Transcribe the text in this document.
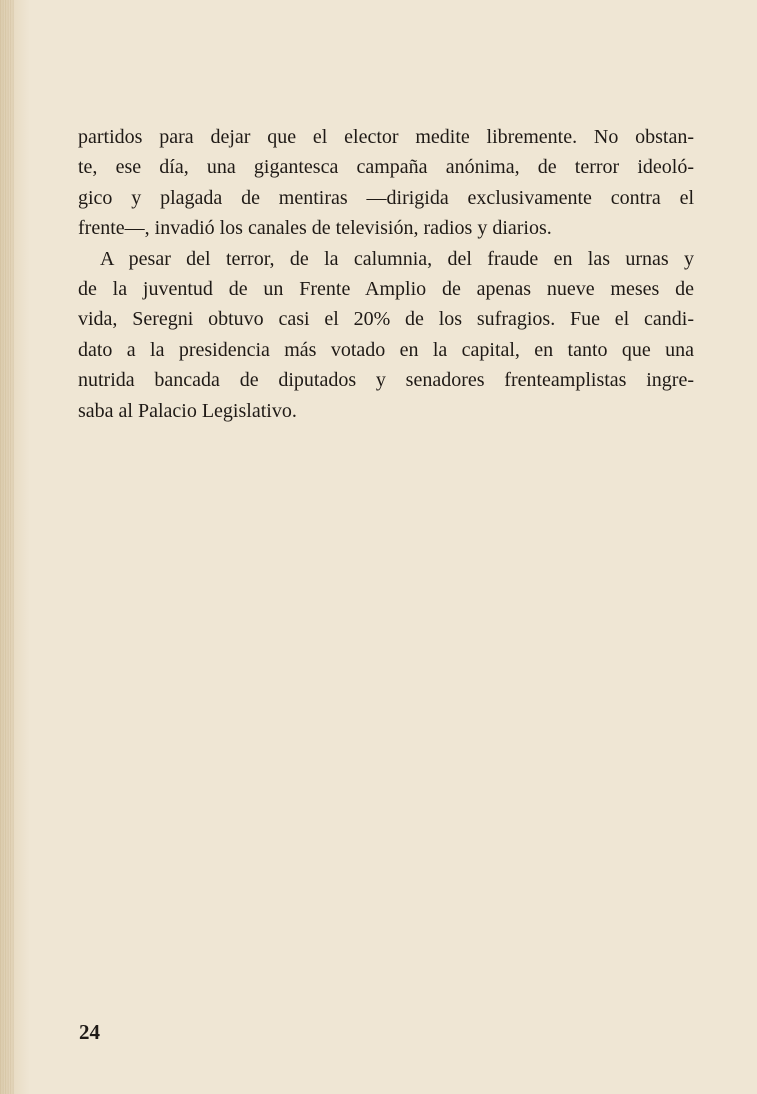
partidos para dejar que el elector medite libremente. No obstan-
te, ese día, una gigantesca campaña anónima, de terror ideoló-
gico y plagada de mentiras —dirigida exclusivamente contra el
frente—, invadió los canales de televisión, radios y diarios.
A pesar del terror, de la calumnia, del fraude en las urnas y
de la juventud de un Frente Amplio de apenas nueve meses de
vida, Seregni obtuvo casi el 20% de los sufragios. Fue el candi-
dato a la presidencia más votado en la capital, en tanto que una
nutrida bancada de diputados y senadores frenteamplistas ingre-
saba al Palacio Legislativo.
24
